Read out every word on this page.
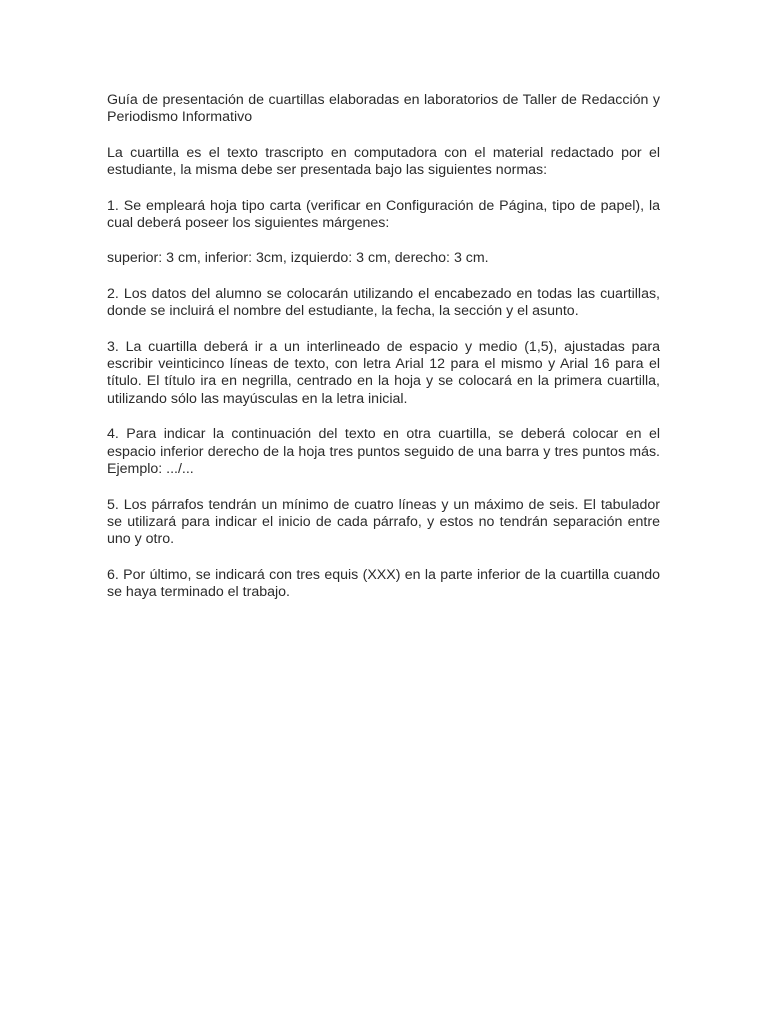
Guía de presentación de cuartillas elaboradas en laboratorios de Taller de Redacción y Periodismo Informativo

La cuartilla es el texto trascripto en computadora con el material redactado por el estudiante, la misma debe ser presentada bajo las siguientes normas:

1. Se empleará hoja tipo carta (verificar en Configuración de Página, tipo de papel), la cual deberá poseer los siguientes márgenes:

superior: 3 cm, inferior: 3cm, izquierdo: 3 cm, derecho: 3 cm.

2. Los datos del alumno se colocarán utilizando el encabezado en todas las cuartillas, donde se incluirá el nombre del estudiante, la fecha, la sección y el asunto.

3. La cuartilla deberá ir a un interlineado de espacio y medio (1,5), ajustadas para escribir veinticinco líneas de texto, con letra Arial 12 para el mismo y Arial 16 para el título. El título ira en negrilla, centrado en la hoja y se colocará en la primera cuartilla, utilizando sólo las mayúsculas en la letra inicial.

4. Para indicar la continuación del texto en otra cuartilla, se deberá colocar en el espacio inferior derecho de la hoja tres puntos seguido de una barra y tres puntos más. Ejemplo: .../...

5. Los párrafos tendrán un mínimo de cuatro líneas y un máximo de seis. El tabulador se utilizará para indicar el inicio de cada párrafo, y estos no tendrán separación entre uno y otro.

6. Por último, se indicará con tres equis (XXX) en la parte inferior de la cuartilla cuando se haya terminado el trabajo.
